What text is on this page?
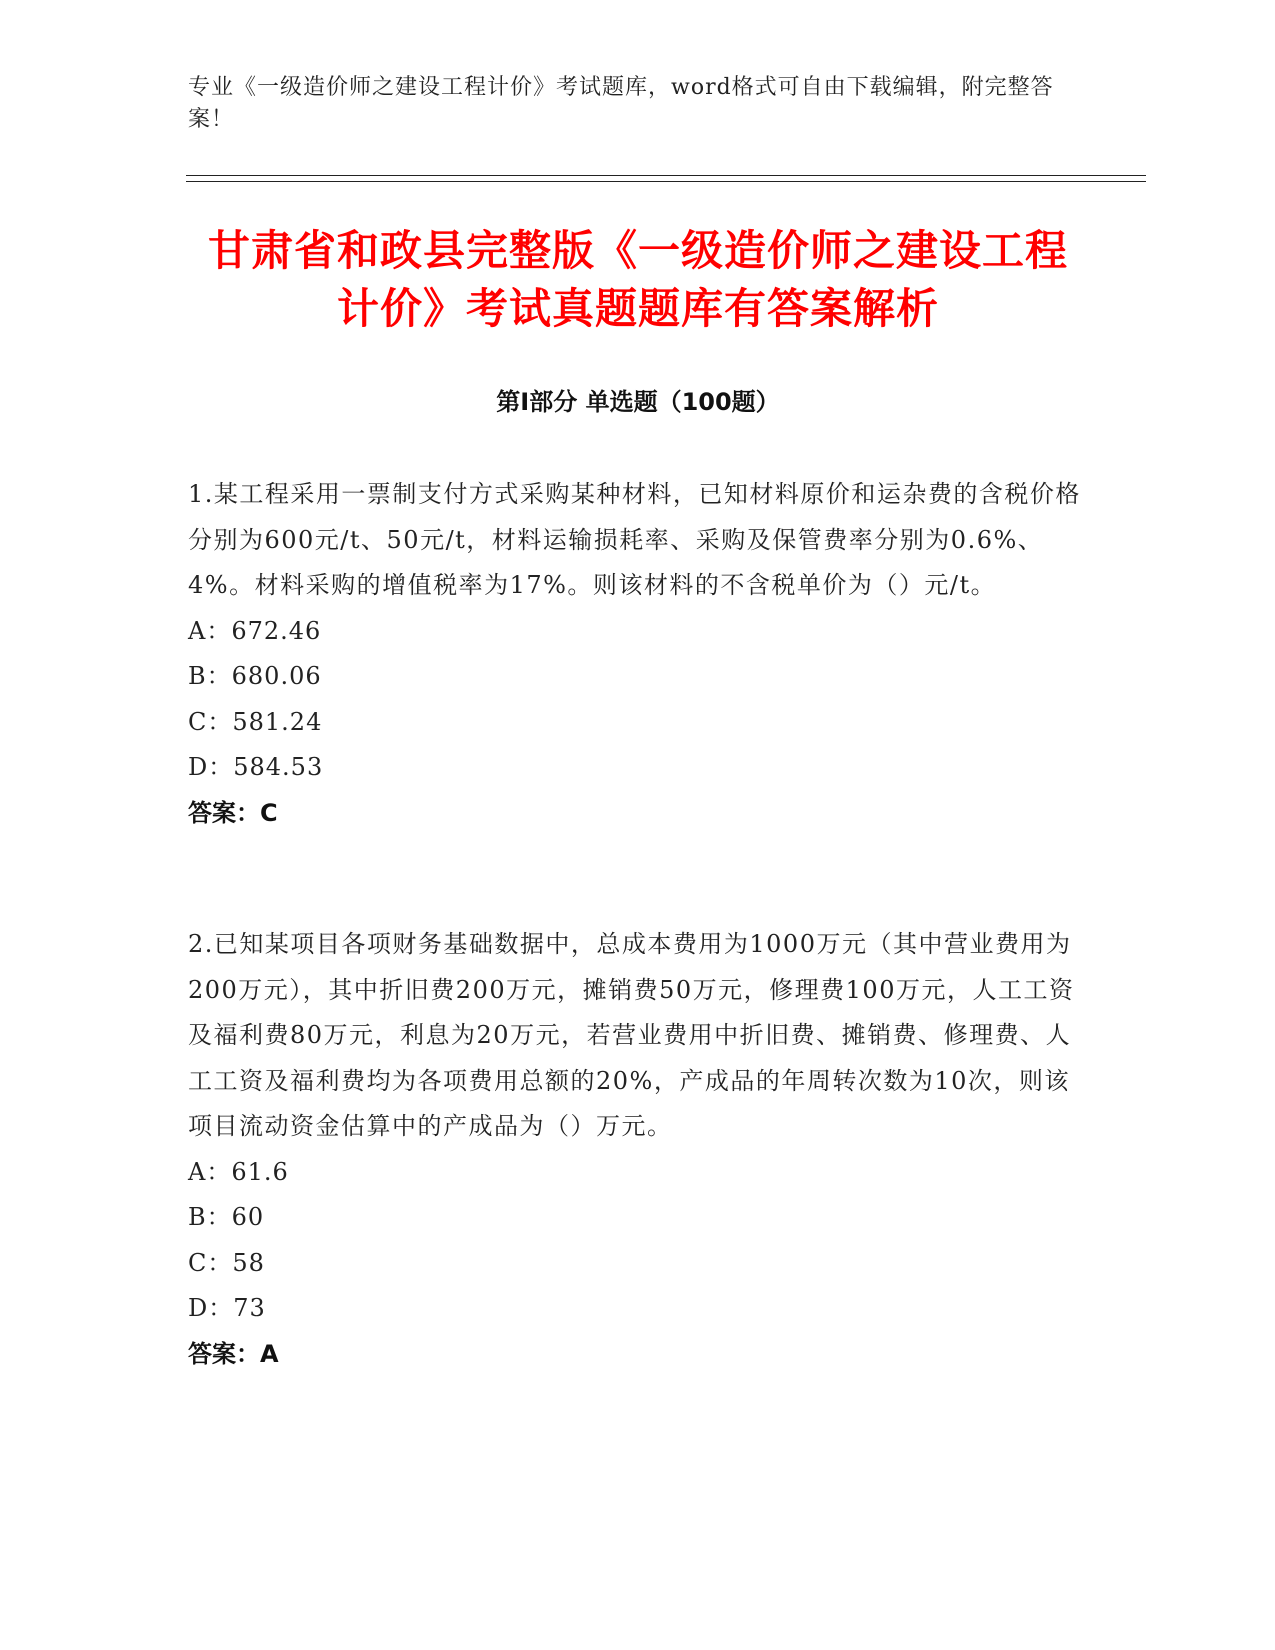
专业《一级造价师之建设工程计价》考试题库，word格式可自由下载编辑，附完整答案！
甘肃省和政县完整版《一级造价师之建设工程计价》考试真题题库有答案解析
第Ⅰ部分 单选题（100题）

1.某工程采用一票制支付方式采购某种材料，已知材料原价和运杂费的含税价格分别为600元/t、50元/t，材料运输损耗率、采购及保管费率分别为0.6%、4%。材料采购的增值税率为17%。则该材料的不含税单价为（）元/t。

A：672.46

B：680.06

C：581.24

D：584.53

答案：C

2.已知某项目各项财务基础数据中，总成本费用为1000万元（其中营业费用为200万元），其中折旧费200万元，摊销费50万元，修理费100万元，人工工资及福利费80万元，利息为20万元，若营业费用中折旧费、摊销费、修理费、人工工资及福利费均为各项费用总额的20%，产成品的年周转次数为10次，则该项目流动资金估算中的产成品为（）万元。

A：61.6

B：60

C：58

D：73

答案：A
